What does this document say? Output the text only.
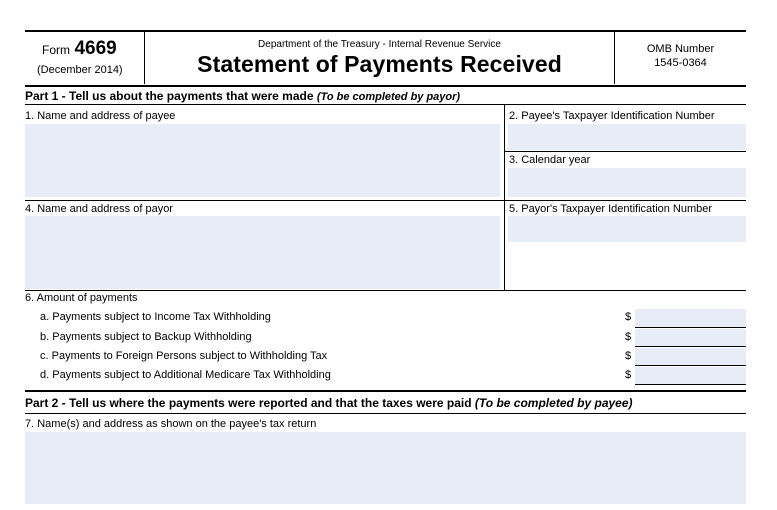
Form 4669
(December 2014)
Department of the Treasury - Internal Revenue Service
Statement of Payments Received
OMB Number
1545-0364
Part 1 - Tell us about the payments that were made (To be completed by payor)
1. Name and address of payee	2. Payee's Taxpayer Identification Number
3. Calendar year
4. Name and address of payor	5. Payor's Taxpayer Identification Number
6. Amount of payments
a. Payments subject to Income Tax Withholding	$
b. Payments subject to Backup Withholding	$
c. Payments to Foreign Persons subject to Withholding Tax	$
d. Payments subject to Additional Medicare Tax Withholding	$
Part 2 - Tell us where the payments were reported and that the taxes were paid (To be completed by payee)
7. Name(s) and address as shown on the payee's tax return
